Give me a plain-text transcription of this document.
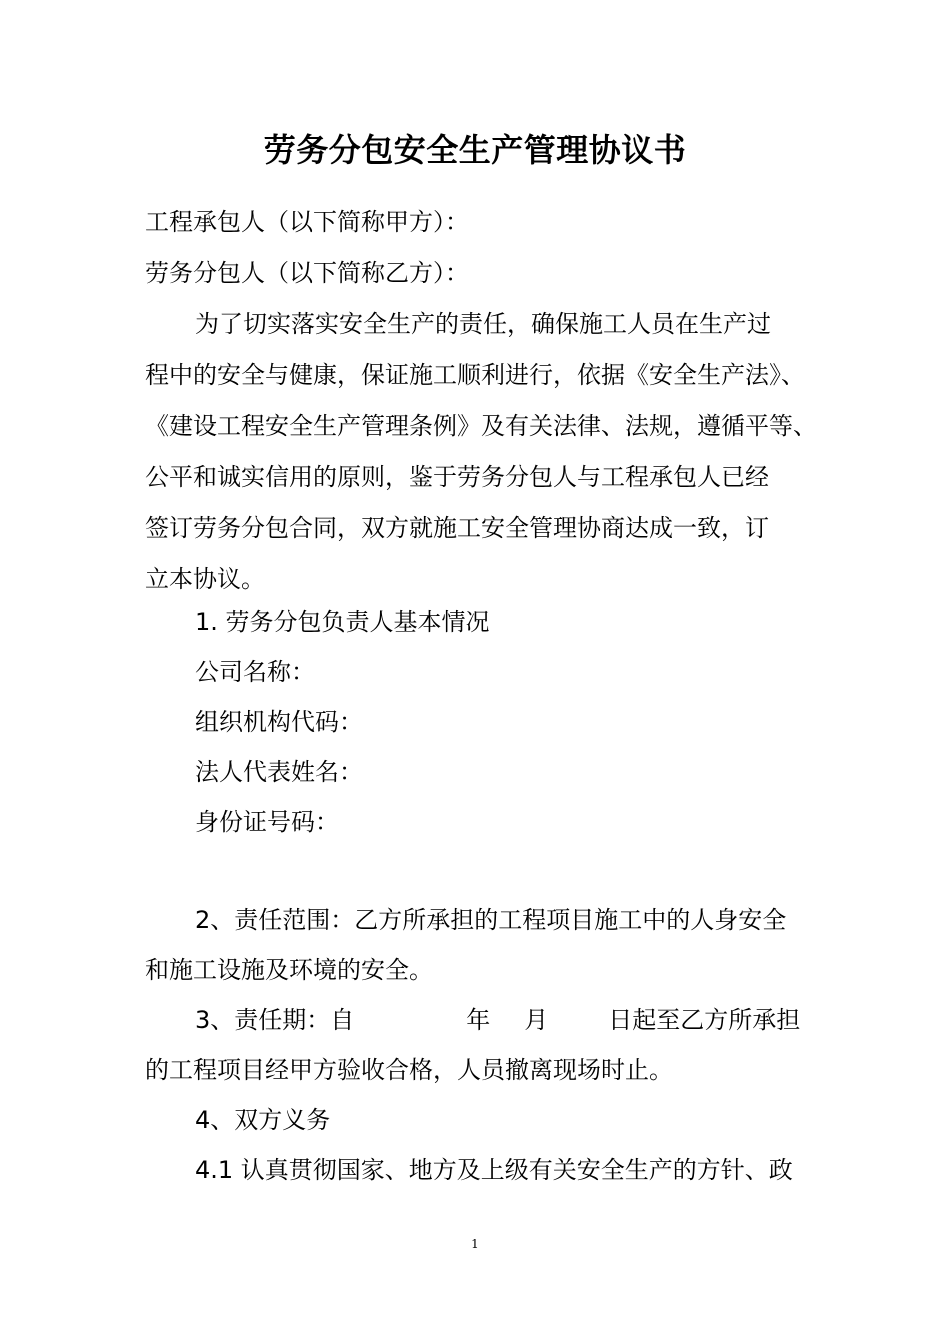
劳务分包安全生产管理协议书
工程承包人（以下简称甲方）：
劳务分包人（以下简称乙方）：
为了切实落实安全生产的责任，确保施工人员在生产过
程中的安全与健康，保证施工顺利进行，依据《安全生产法》、
《建设工程安全生产管理条例》及有关法律、法规，遵循平等、
公平和诚实信用的原则，鉴于劳务分包人与工程承包人已经
签订劳务分包合同，双方就施工安全管理协商达成一致，订
立本协议。
1. 劳务分包负责人基本情况
公司名称：
组织机构代码：
法人代表姓名：
身份证号码：
2、责任范围：乙方所承担的工程项目施工中的人身安全
和施工设施及环境的安全。
3、责任期：自	年 月	日起至乙方所承担
的工程项目经甲方验收合格，人员撤离现场时止。
4、双方义务
4.1 认真贯彻国家、地方及上级有关安全生产的方针、政
1
